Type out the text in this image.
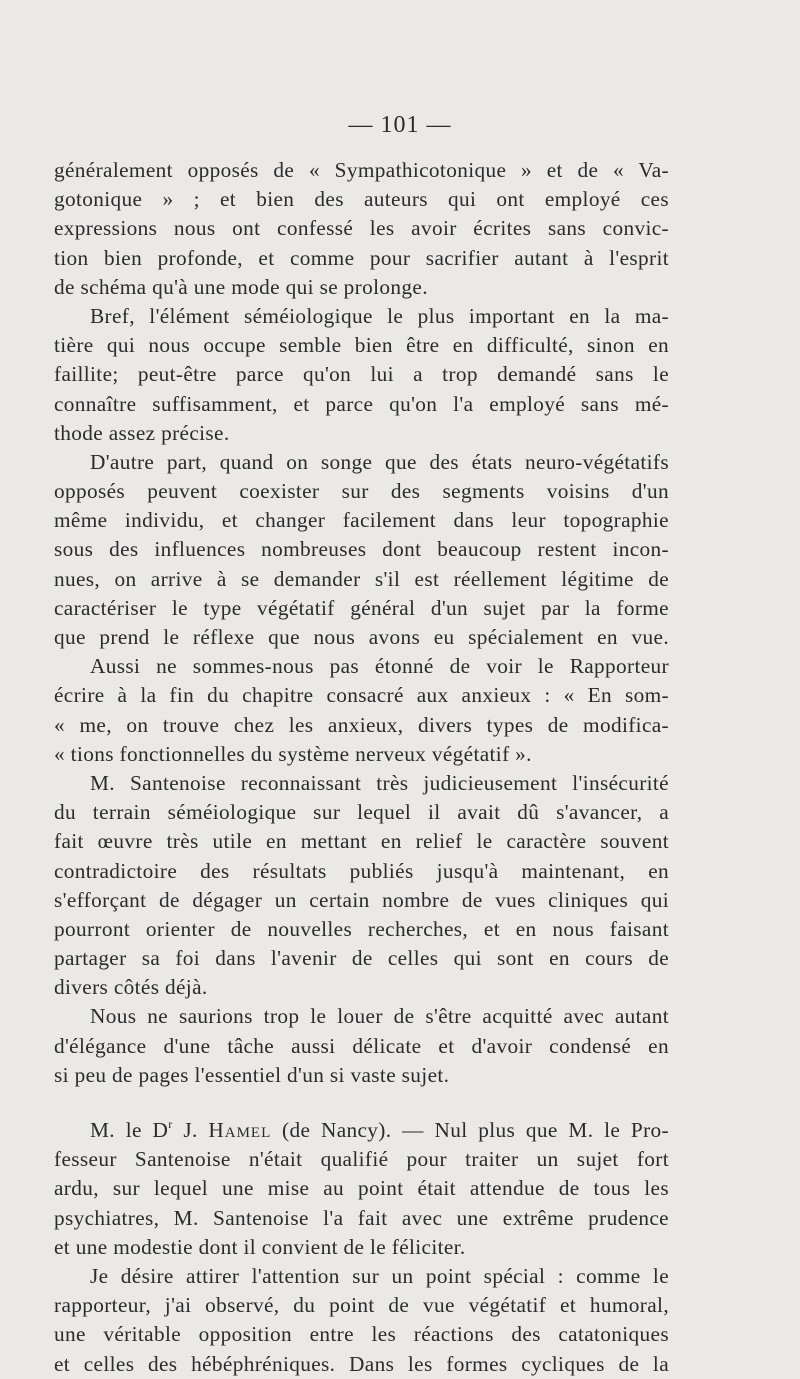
— 101 —
généralement opposés de « Sympathicotonique » et de « Va-
gotonique » ; et bien des auteurs qui ont employé ces
expressions nous ont confessé les avoir écrites sans convic-
tion bien profonde, et comme pour sacrifier autant à l'esprit
de schéma qu'à une mode qui se prolonge.
Bref, l'élément séméiologique le plus important en la ma-
tière qui nous occupe semble bien être en difficulté, sinon en
faillite; peut-être parce qu'on lui a trop demandé sans le
connaître suffisamment, et parce qu'on l'a employé sans mé-
thode assez précise.
D'autre part, quand on songe que des états neuro-végétatifs
opposés peuvent coexister sur des segments voisins d'un
même individu, et changer facilement dans leur topographie
sous des influences nombreuses dont beaucoup restent incon-
nues, on arrive à se demander s'il est réellement légitime de
caractériser le type végétatif général d'un sujet par la forme
que prend le réflexe que nous avons eu spécialement en vue.
Aussi ne sommes-nous pas étonné de voir le Rapporteur
écrire à la fin du chapitre consacré aux anxieux : « En som-
« me, on trouve chez les anxieux, divers types de modifica-
« tions fonctionnelles du système nerveux végétatif ».
M. Santenoise reconnaissant très judicieusement l'insécurité
du terrain séméiologique sur lequel il avait dû s'avancer, a
fait œuvre très utile en mettant en relief le caractère souvent
contradictoire des résultats publiés jusqu'à maintenant, en
s'efforçant de dégager un certain nombre de vues cliniques qui
pourront orienter de nouvelles recherches, et en nous faisant
partager sa foi dans l'avenir de celles qui sont en cours de
divers côtés déjà.
Nous ne saurions trop le louer de s'être acquitté avec autant
d'élégance d'une tâche aussi délicate et d'avoir condensé en
si peu de pages l'essentiel d'un si vaste sujet.
M. le $D^r$ J. Hamel (de Nancy). — Nul plus que M. le Pro-
fesseur Santenoise n'était qualifié pour traiter un sujet fort
ardu, sur lequel une mise au point était attendue de tous les
psychiatres, M. Santenoise l'a fait avec une extrême prudence
et une modestie dont il convient de le féliciter.
Je désire attirer l'attention sur un point spécial : comme le
rapporteur, j'ai observé, du point de vue végétatif et humoral,
une véritable opposition entre les réactions des catatoniques
et celles des hébéphréniques. Dans les formes cycliques de la
